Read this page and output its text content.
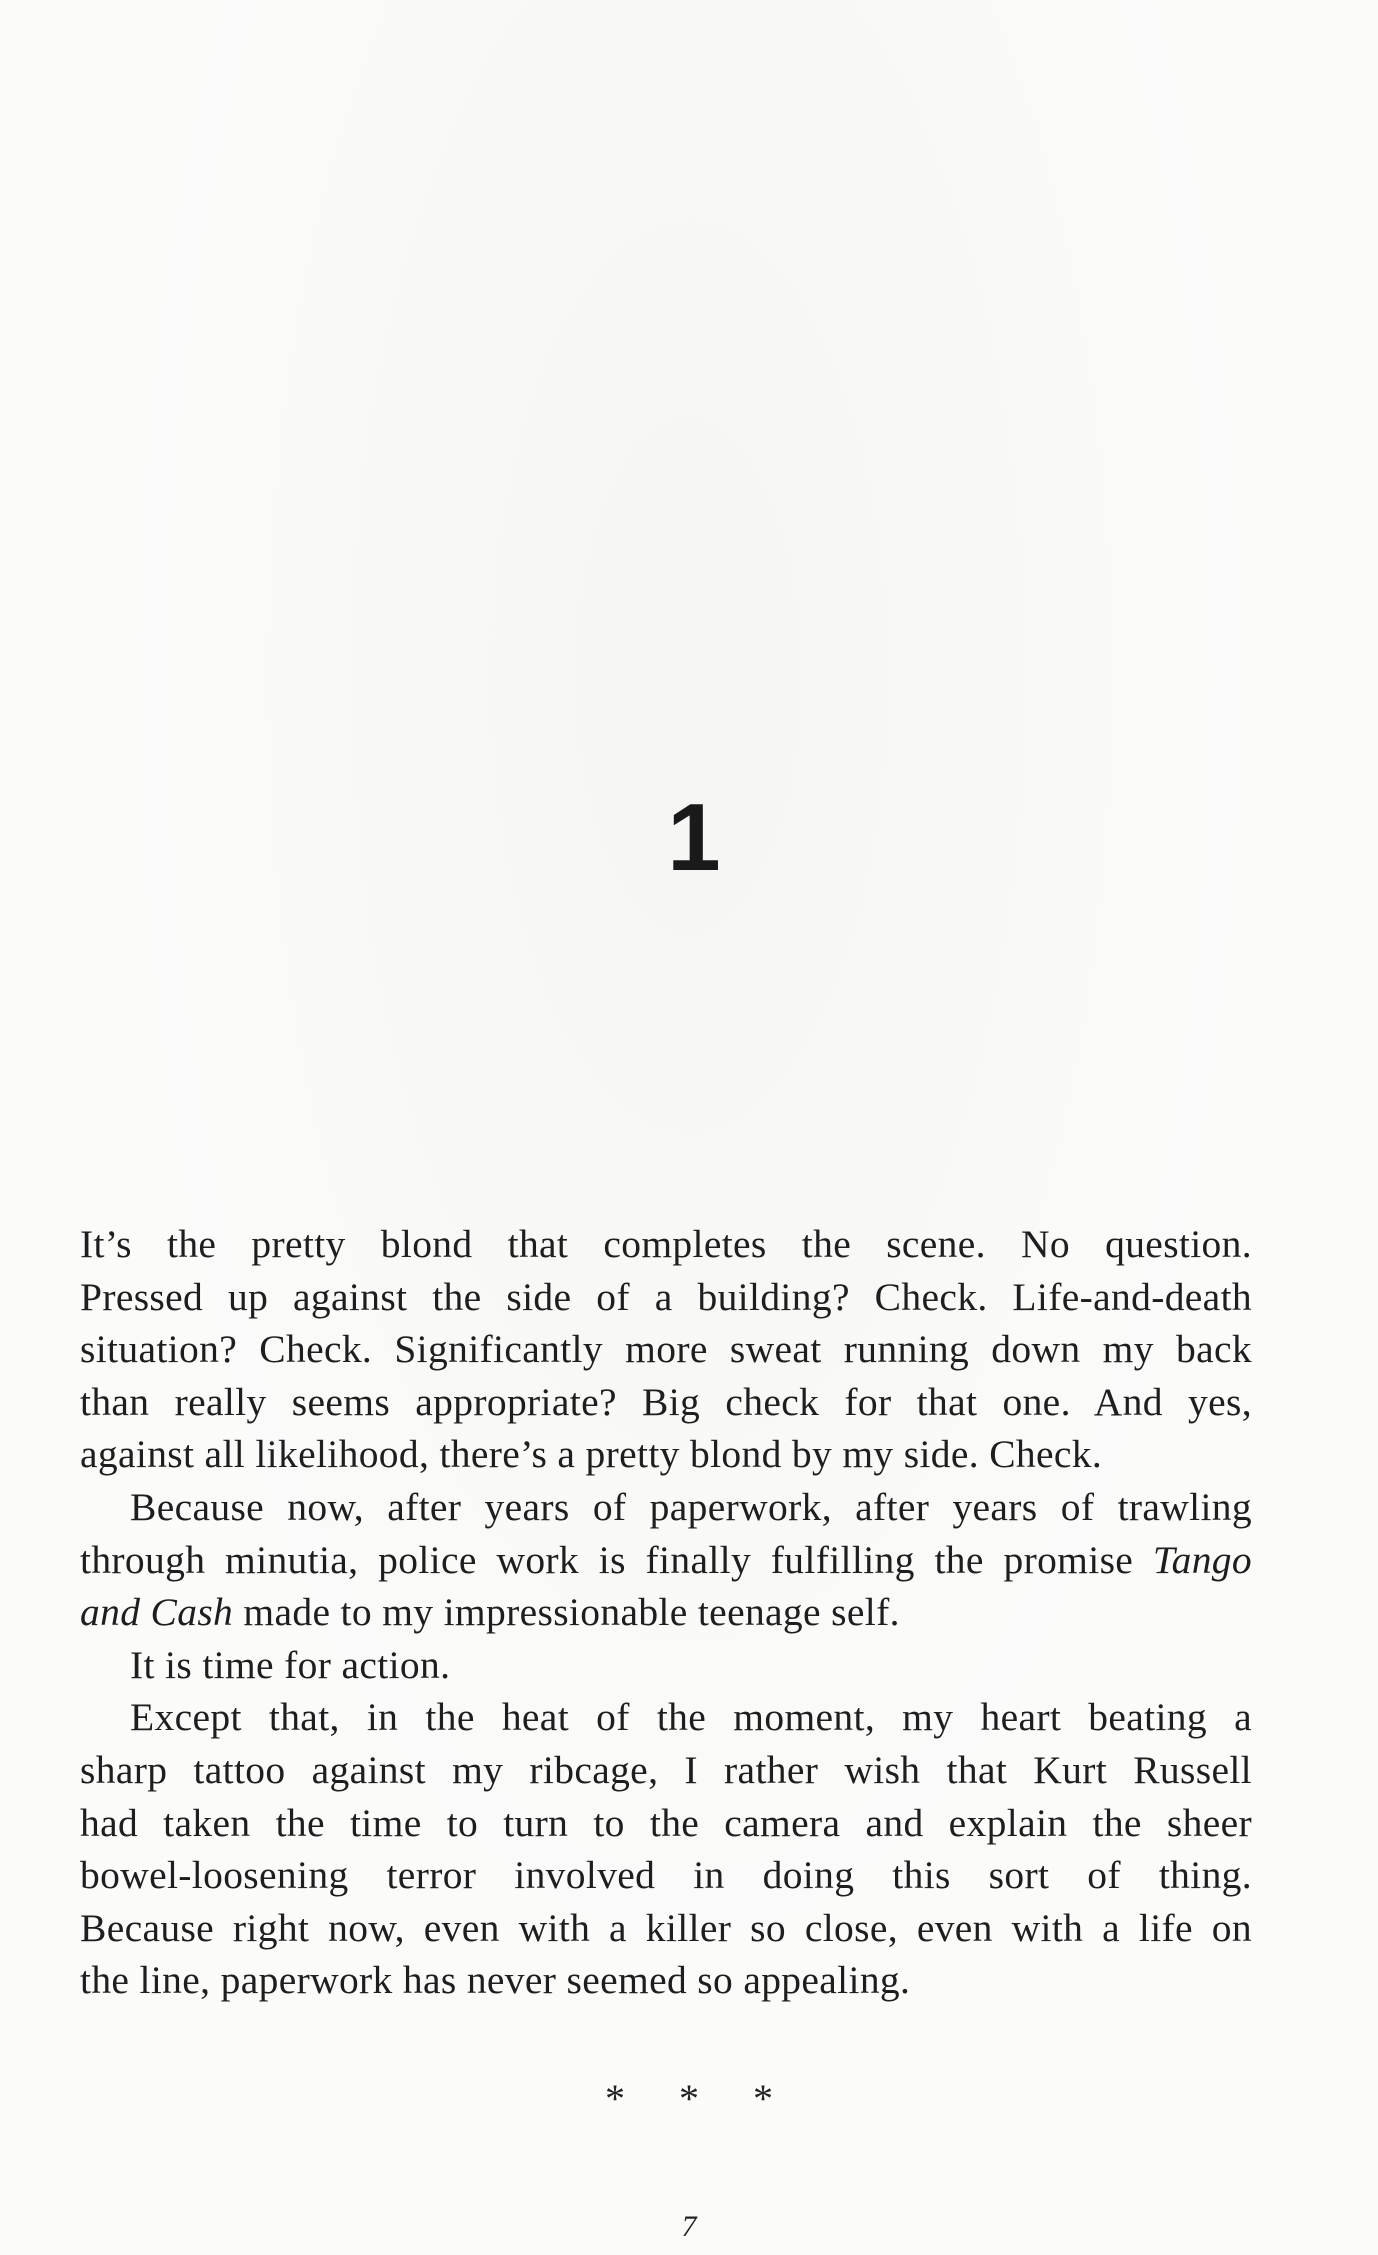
1

It’s the pretty blond that completes the scene. No question.
Pressed up against the side of a building? Check. Life-and-death
situation? Check. Significantly more sweat running down my back
than really seems appropriate? Big check for that one. And yes,
against all likelihood, there’s a pretty blond by my side. Check.

Because now, after years of paperwork, after years of trawling
through minutia, police work is finally fulfilling the promise Tango
and Cash made to my impressionable teenage self.

It is time for action.

Except that, in the heat of the moment, my heart beating a
sharp tattoo against my ribcage, I rather wish that Kurt Russell
had taken the time to turn to the camera and explain the sheer
bowel-loosening terror involved in doing this sort of thing.
Because right now, even with a killer so close, even with a life on
the line, paperwork has never seemed so appealing.

* * *
7
